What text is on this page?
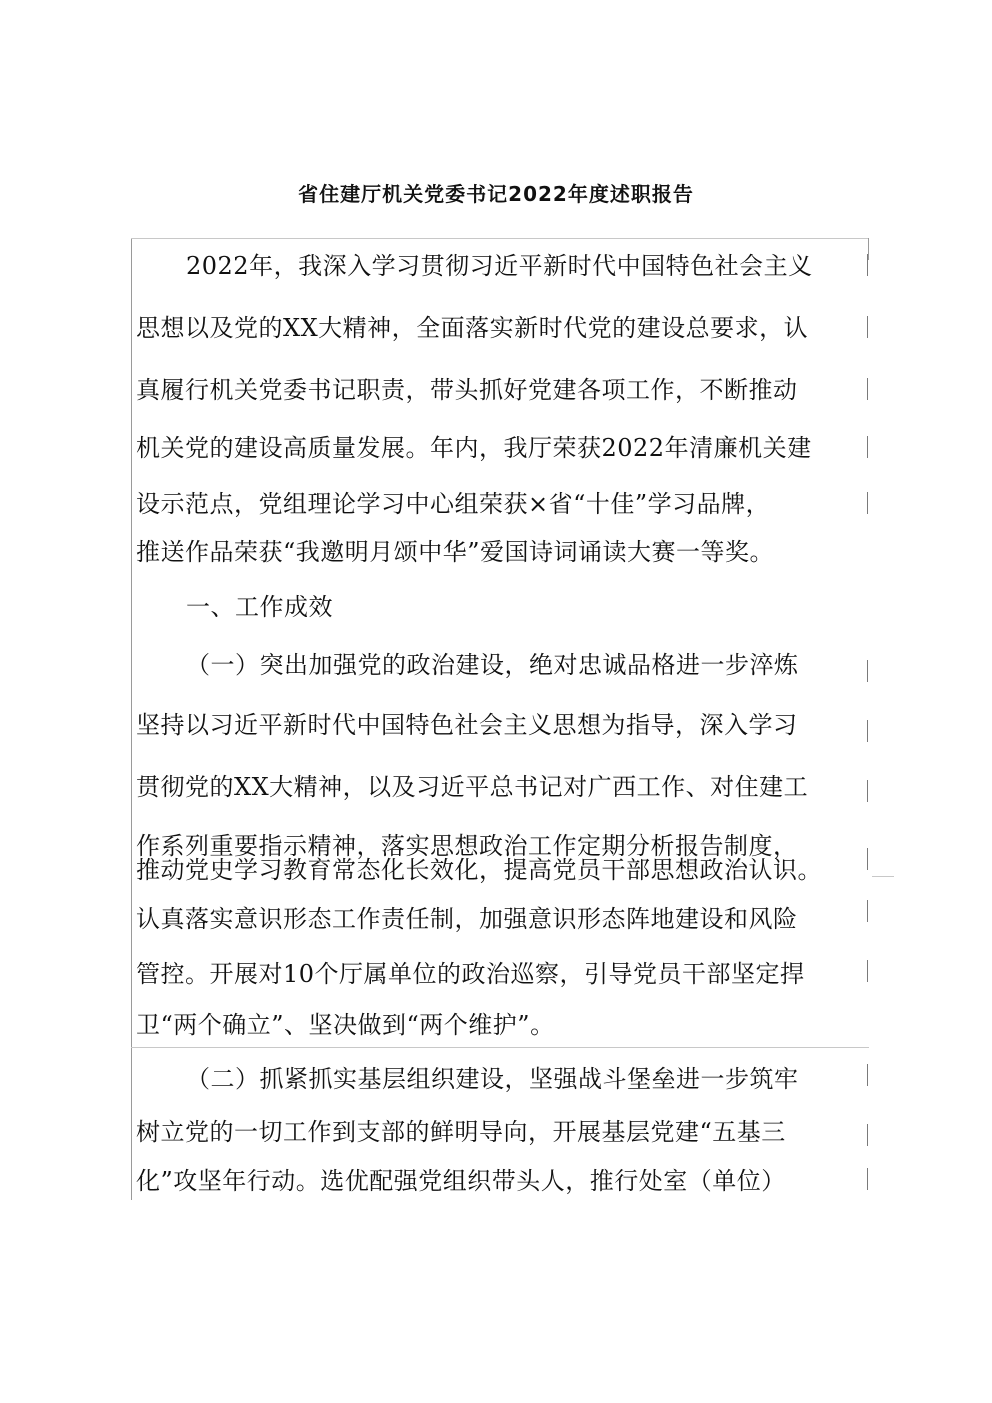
省住建厅机关党委书记2022年度述职报告
2022年，我深入学习贯彻习近平新时代中国特色社会主义
思想以及党的XX大精神，全面落实新时代党的建设总要求，认
真履行机关党委书记职责，带头抓好党建各项工作，不断推动
机关党的建设高质量发展。年内，我厅荣获2022年清廉机关建
设示范点，党组理论学习中心组荣获×省“十佳”学习品牌，
推送作品荣获“我邀明月颂中华”爱国诗词诵读大赛一等奖。
一、工作成效
（一）突出加强党的政治建设，绝对忠诚品格进一步淬炼
坚持以习近平新时代中国特色社会主义思想为指导，深入学习
贯彻党的XX大精神，以及习近平总书记对广西工作、对住建工
作系列重要指示精神，落实思想政治工作定期分析报告制度，
推动党史学习教育常态化长效化，提高党员干部思想政治认识。
认真落实意识形态工作责任制，加强意识形态阵地建设和风险
管控。开展对10个厅属单位的政治巡察，引导党员干部坚定捍
卫“两个确立”、坚决做到“两个维护”。
（二）抓紧抓实基层组织建设，坚强战斗堡垒进一步筑牢
树立党的一切工作到支部的鲜明导向，开展基层党建“五基三
化”攻坚年行动。选优配强党组织带头人，推行处室（单位）
